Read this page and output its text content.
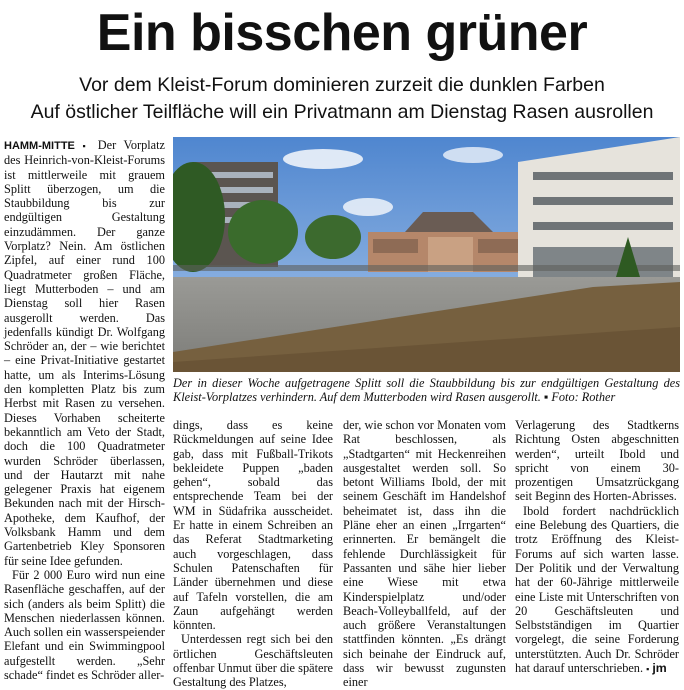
Ein bisschen grüner
Vor dem Kleist-Forum dominieren zurzeit die dunklen Farben
Auf östlicher Teilfläche will ein Privatmann am Dienstag Rasen ausrollen

HAMM-MITTE ▪ Der Vorplatz des Heinrich-von-Kleist-Forums ist mittlerweile mit grauem Splitt überzogen, um die Staubbildung bis zur endgültigen Gestaltung einzudämmen. Der ganze Vorplatz? Nein. Am östlichen Zipfel, auf einer rund 100 Quadratmeter großen Fläche, liegt Mutterboden – und am Dienstag soll hier Rasen ausgerollt werden. Das jedenfalls kündigt Dr. Wolfgang Schröder an, der – wie berichtet – eine Privat-Initiative gestartet hatte, um als Interims-Lösung den kompletten Platz bis zum Herbst mit Rasen zu versehen. Dieses Vorhaben scheiterte bekanntlich am Veto der Stadt, doch die 100 Quadratmeter wurden Schröder überlassen, und der Hautarzt mit nahe gelegener Praxis hat eigenem Bekunden nach mit der Hirsch-Apotheke, dem Kaufhof, der Volksbank Hamm und dem Gartenbetrieb Kley Sponsoren für seine Idee gefunden.

Für 2 000 Euro wird nun eine Rasenfläche geschaffen, auf der sich (anders als beim Splitt) die Menschen niederlassen können. Auch sollen ein wasserspeiender Elefant und ein Swimmingpool aufgestellt werden. „Sehr schade“ findet es Schröder aller-

Der in dieser Woche aufgetragene Splitt soll die Staubbildung bis zur endgültigen Gestaltung des Kleist-Vorplatzes verhindern. Auf dem Mutterboden wird Rasen ausgerollt. ▪ Foto: Rother

dings, dass es keine Rückmeldungen auf seine Idee gab, dass mit Fußball-Trikots bekleidete Puppen „baden gehen“, sobald das entsprechende Team bei der WM in Südafrika ausscheidet. Er hatte in einem Schreiben an das Referat Stadtmarketing auch vorgeschlagen, dass Schulen Patenschaften für Länder übernehmen und diese auf Tafeln vorstellen, die am Zaun aufgehängt werden könnten.

Unterdessen regt sich bei den örtlichen Geschäftsleuten offenbar Unmut über die spätere Gestaltung des Platzes,

der, wie schon vor Monaten vom Rat beschlossen, als „Stadtgarten“ mit Heckenreihen ausgestaltet werden soll. So betont Williams Ibold, der mit seinem Geschäft im Handelshof beheimatet ist, dass ihn die Pläne eher an einen „Irrgarten“ erinnerten. Er bemängelt die fehlende Durchlässigkeit für Passanten und sähe hier lieber eine Wiese mit etwa Kinderspielplatz und/oder Beach-Volleyballfeld, auf der auch größere Veranstaltungen stattfinden könnten. „Es drängt sich beinahe der Eindruck auf, dass wir bewusst zugunsten einer

Verlagerung des Stadtkerns Richtung Osten abgeschnitten werden“, urteilt Ibold und spricht von einem 30-prozentigen Umsatzrückgang seit Beginn des Horten-Abrisses.

Ibold fordert nachdrücklich eine Belebung des Quartiers, die trotz Eröffnung des Kleist-Forums auf sich warten lasse. Der Politik und der Verwaltung hat der 60-Jährige mittlerweile eine Liste mit Unterschriften von 20 Geschäftsleuten und Selbstständigen im Quartier vorgelegt, die seine Forderung unterstützten. Auch Dr. Schröder hat darauf unterschrieben. ▪ jm
